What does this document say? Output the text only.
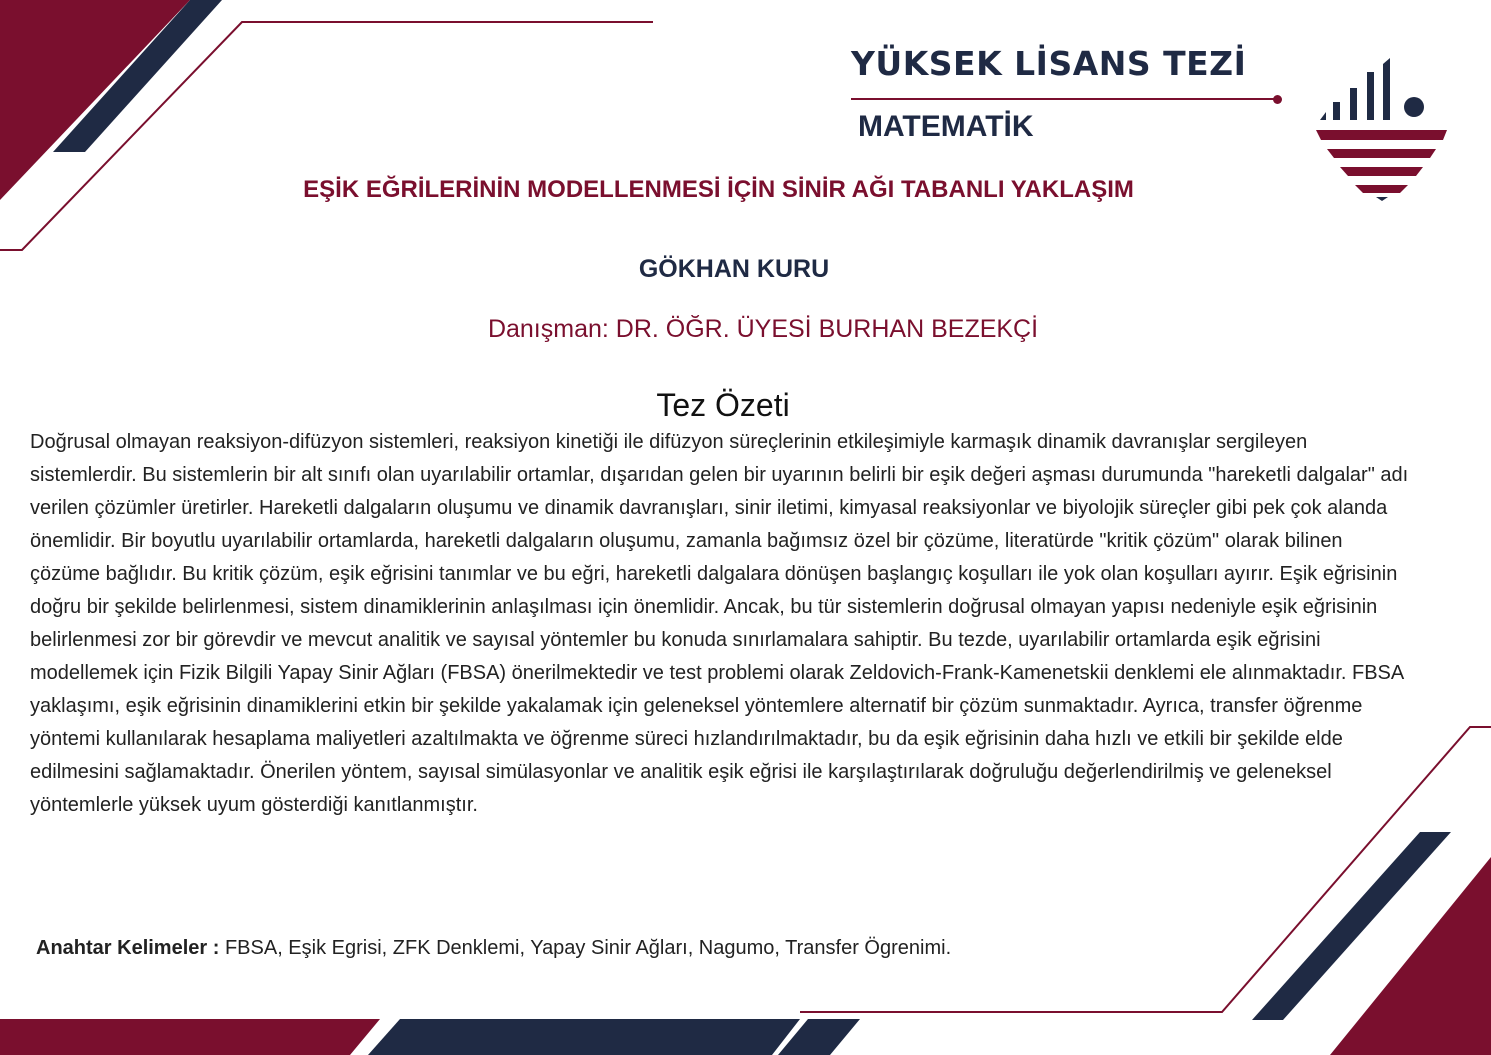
YÜKSEK LİSANS TEZİ
MATEMATİK
EŞİK EĞRİLERİNİN MODELLENMESİ İÇİN SİNİR AĞI TABANLI YAKLAŞIM
GÖKHAN KURU
Danışman: DR. ÖĞR. ÜYESİ BURHAN BEZEKÇİ
Tez Özeti

Doğrusal olmayan reaksiyon-difüzyon sistemleri, reaksiyon kinetiği ile difüzyon süreçlerinin etkileşimiyle karmaşık dinamik davranışlar sergileyen sistemlerdir. Bu sistemlerin bir alt sınıfı olan uyarılabilir ortamlar, dışarıdan gelen bir uyarının belirli bir eşik değeri aşması durumunda "hareketli dalgalar" adı verilen çözümler üretirler. Hareketli dalgaların oluşumu ve dinamik davranışları, sinir iletimi, kimyasal reaksiyonlar ve biyolojik süreçler gibi pek çok alanda önemlidir. Bir boyutlu uyarılabilir ortamlarda, hareketli dalgaların oluşumu, zamanla bağımsız özel bir çözüme, literatürde "kritik çözüm" olarak bilinen çözüme bağlıdır. Bu kritik çözüm, eşik eğrisini tanımlar ve bu eğri, hareketli dalgalara dönüşen başlangıç koşulları ile yok olan koşulları ayırır. Eşik eğrisinin doğru bir şekilde belirlenmesi, sistem dinamiklerinin anlaşılması için önemlidir. Ancak, bu tür sistemlerin doğrusal olmayan yapısı nedeniyle eşik eğrisinin belirlenmesi zor bir görevdir ve mevcut analitik ve sayısal yöntemler bu konuda sınırlamalara sahiptir. Bu tezde, uyarılabilir ortamlarda eşik eğrisini modellemek için Fizik Bilgili Yapay Sinir Ağları (FBSA) önerilmektedir ve test problemi olarak Zeldovich-Frank-Kamenetskii denklemi ele alınmaktadır. FBSA yaklaşımı, eşik eğrisinin dinamiklerini etkin bir şekilde yakalamak için geleneksel yöntemlere alternatif bir çözüm sunmaktadır. Ayrıca, transfer öğrenme yöntemi kullanılarak hesaplama maliyetleri azaltılmakta ve öğrenme süreci hızlandırılmaktadır, bu da eşik eğrisinin daha hızlı ve etkili bir şekilde elde edilmesini sağlamaktadır. Önerilen yöntem, sayısal simülasyonlar ve analitik eşik eğrisi ile karşılaştırılarak doğruluğu değerlendirilmiş ve geleneksel yöntemlerle yüksek uyum gösterdiği kanıtlanmıştır.

Anahtar Kelimeler : FBSA, Eşik Egrisi, ZFK Denklemi, Yapay Sinir Ağları, Nagumo, Transfer Ögrenimi.
